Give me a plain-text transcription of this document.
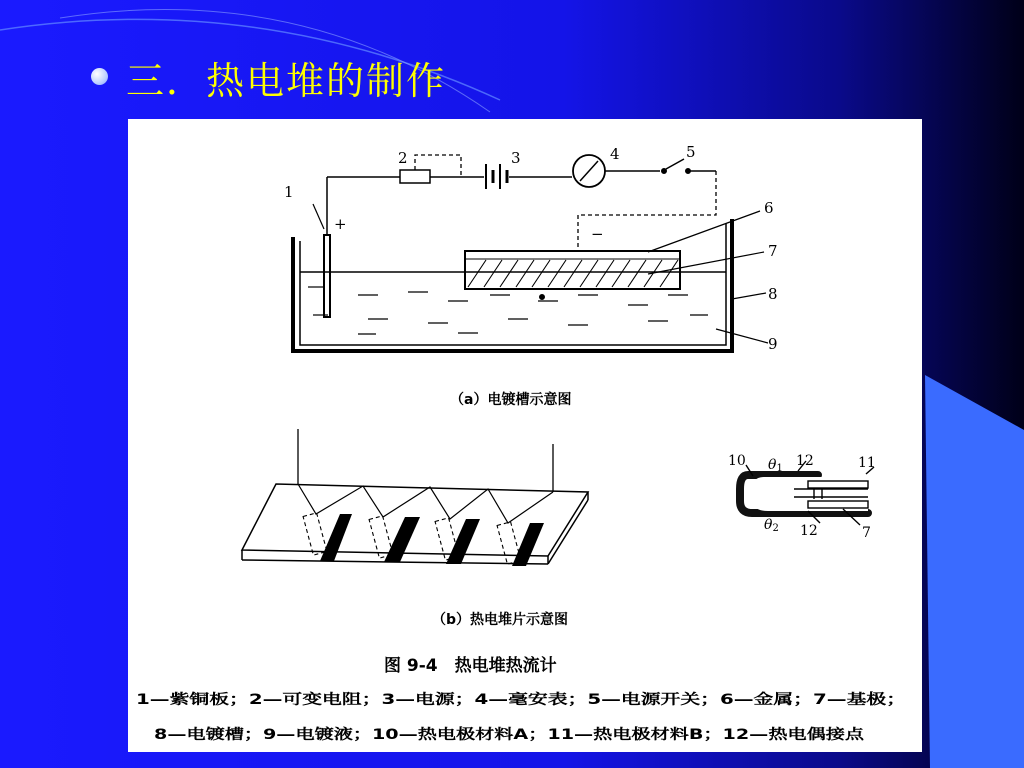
三．热电堆的制作
1
2	3	4	5
6
7
8
9
+
−
（a）电镀槽示意图
（b）热电堆片示意图
10 θ1 12	11
θ2 12	7
图 9-4　热电堆热流计
1—紫铜板；2—可变电阻；3—电源；4—毫安表；5—电源开关；6—金属；7—基极；
8—电镀槽；9—电镀液；10—热电极材料A；11—热电极材料B；12—热电偶接点
